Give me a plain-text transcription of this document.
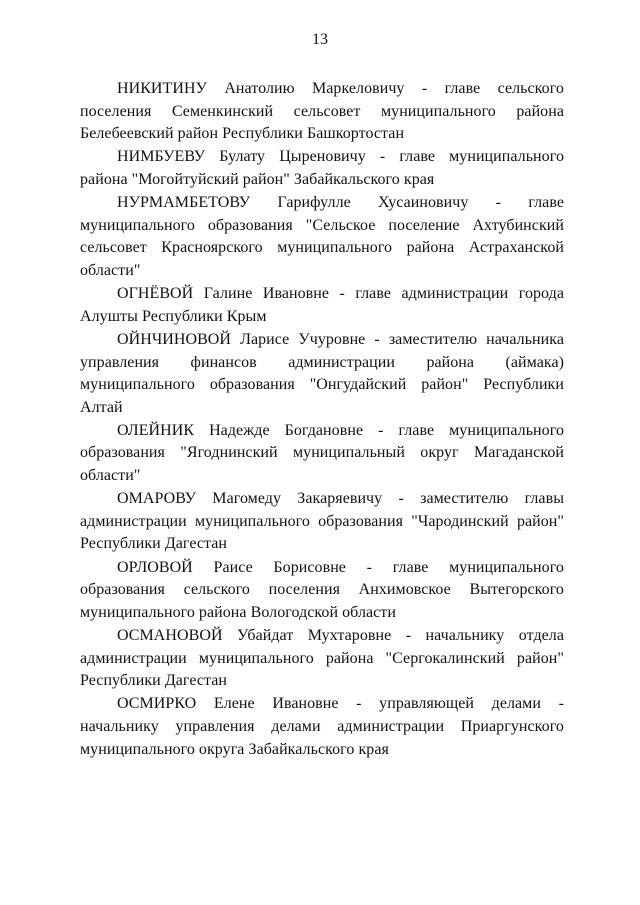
13

НИКИТИНУ Анатолию Маркеловичу - главе сельского поселения Семенкинский сельсовет муниципального района Белебеевский район Республики Башкортостан

НИМБУЕВУ Булату Цыреновичу - главе муниципального района "Могойтуйский район" Забайкальского края

НУРМАМБЕТОВУ Гарифулле Хусаиновичу - главе муниципального образования "Сельское поселение Ахтубинский сельсовет Красноярского муниципального района Астраханской области"

ОГНЁВОЙ Галине Ивановне - главе администрации города Алушты Республики Крым

ОЙНЧИНОВОЙ Ларисе Учуровне - заместителю начальника управления финансов администрации района (аймака) муниципального образования "Онгудайский район" Республики Алтай

ОЛЕЙНИК Надежде Богдановне - главе муниципального образования "Ягоднинский муниципальный округ Магаданской области"

ОМАРОВУ Магомеду Закаряевичу - заместителю главы администрации муниципального образования "Чародинский район" Республики Дагестан

ОРЛОВОЙ Раисе Борисовне - главе муниципального образования сельского поселения Анхимовское Вытегорского муниципального района Вологодской области

ОСМАНОВОЙ Убайдат Мухтаровне - начальнику отдела администрации муниципального района "Сергокалинский район" Республики Дагестан

ОСМИРКО Елене Ивановне - управляющей делами - начальнику управления делами администрации Приаргунского муниципального округа Забайкальского края
